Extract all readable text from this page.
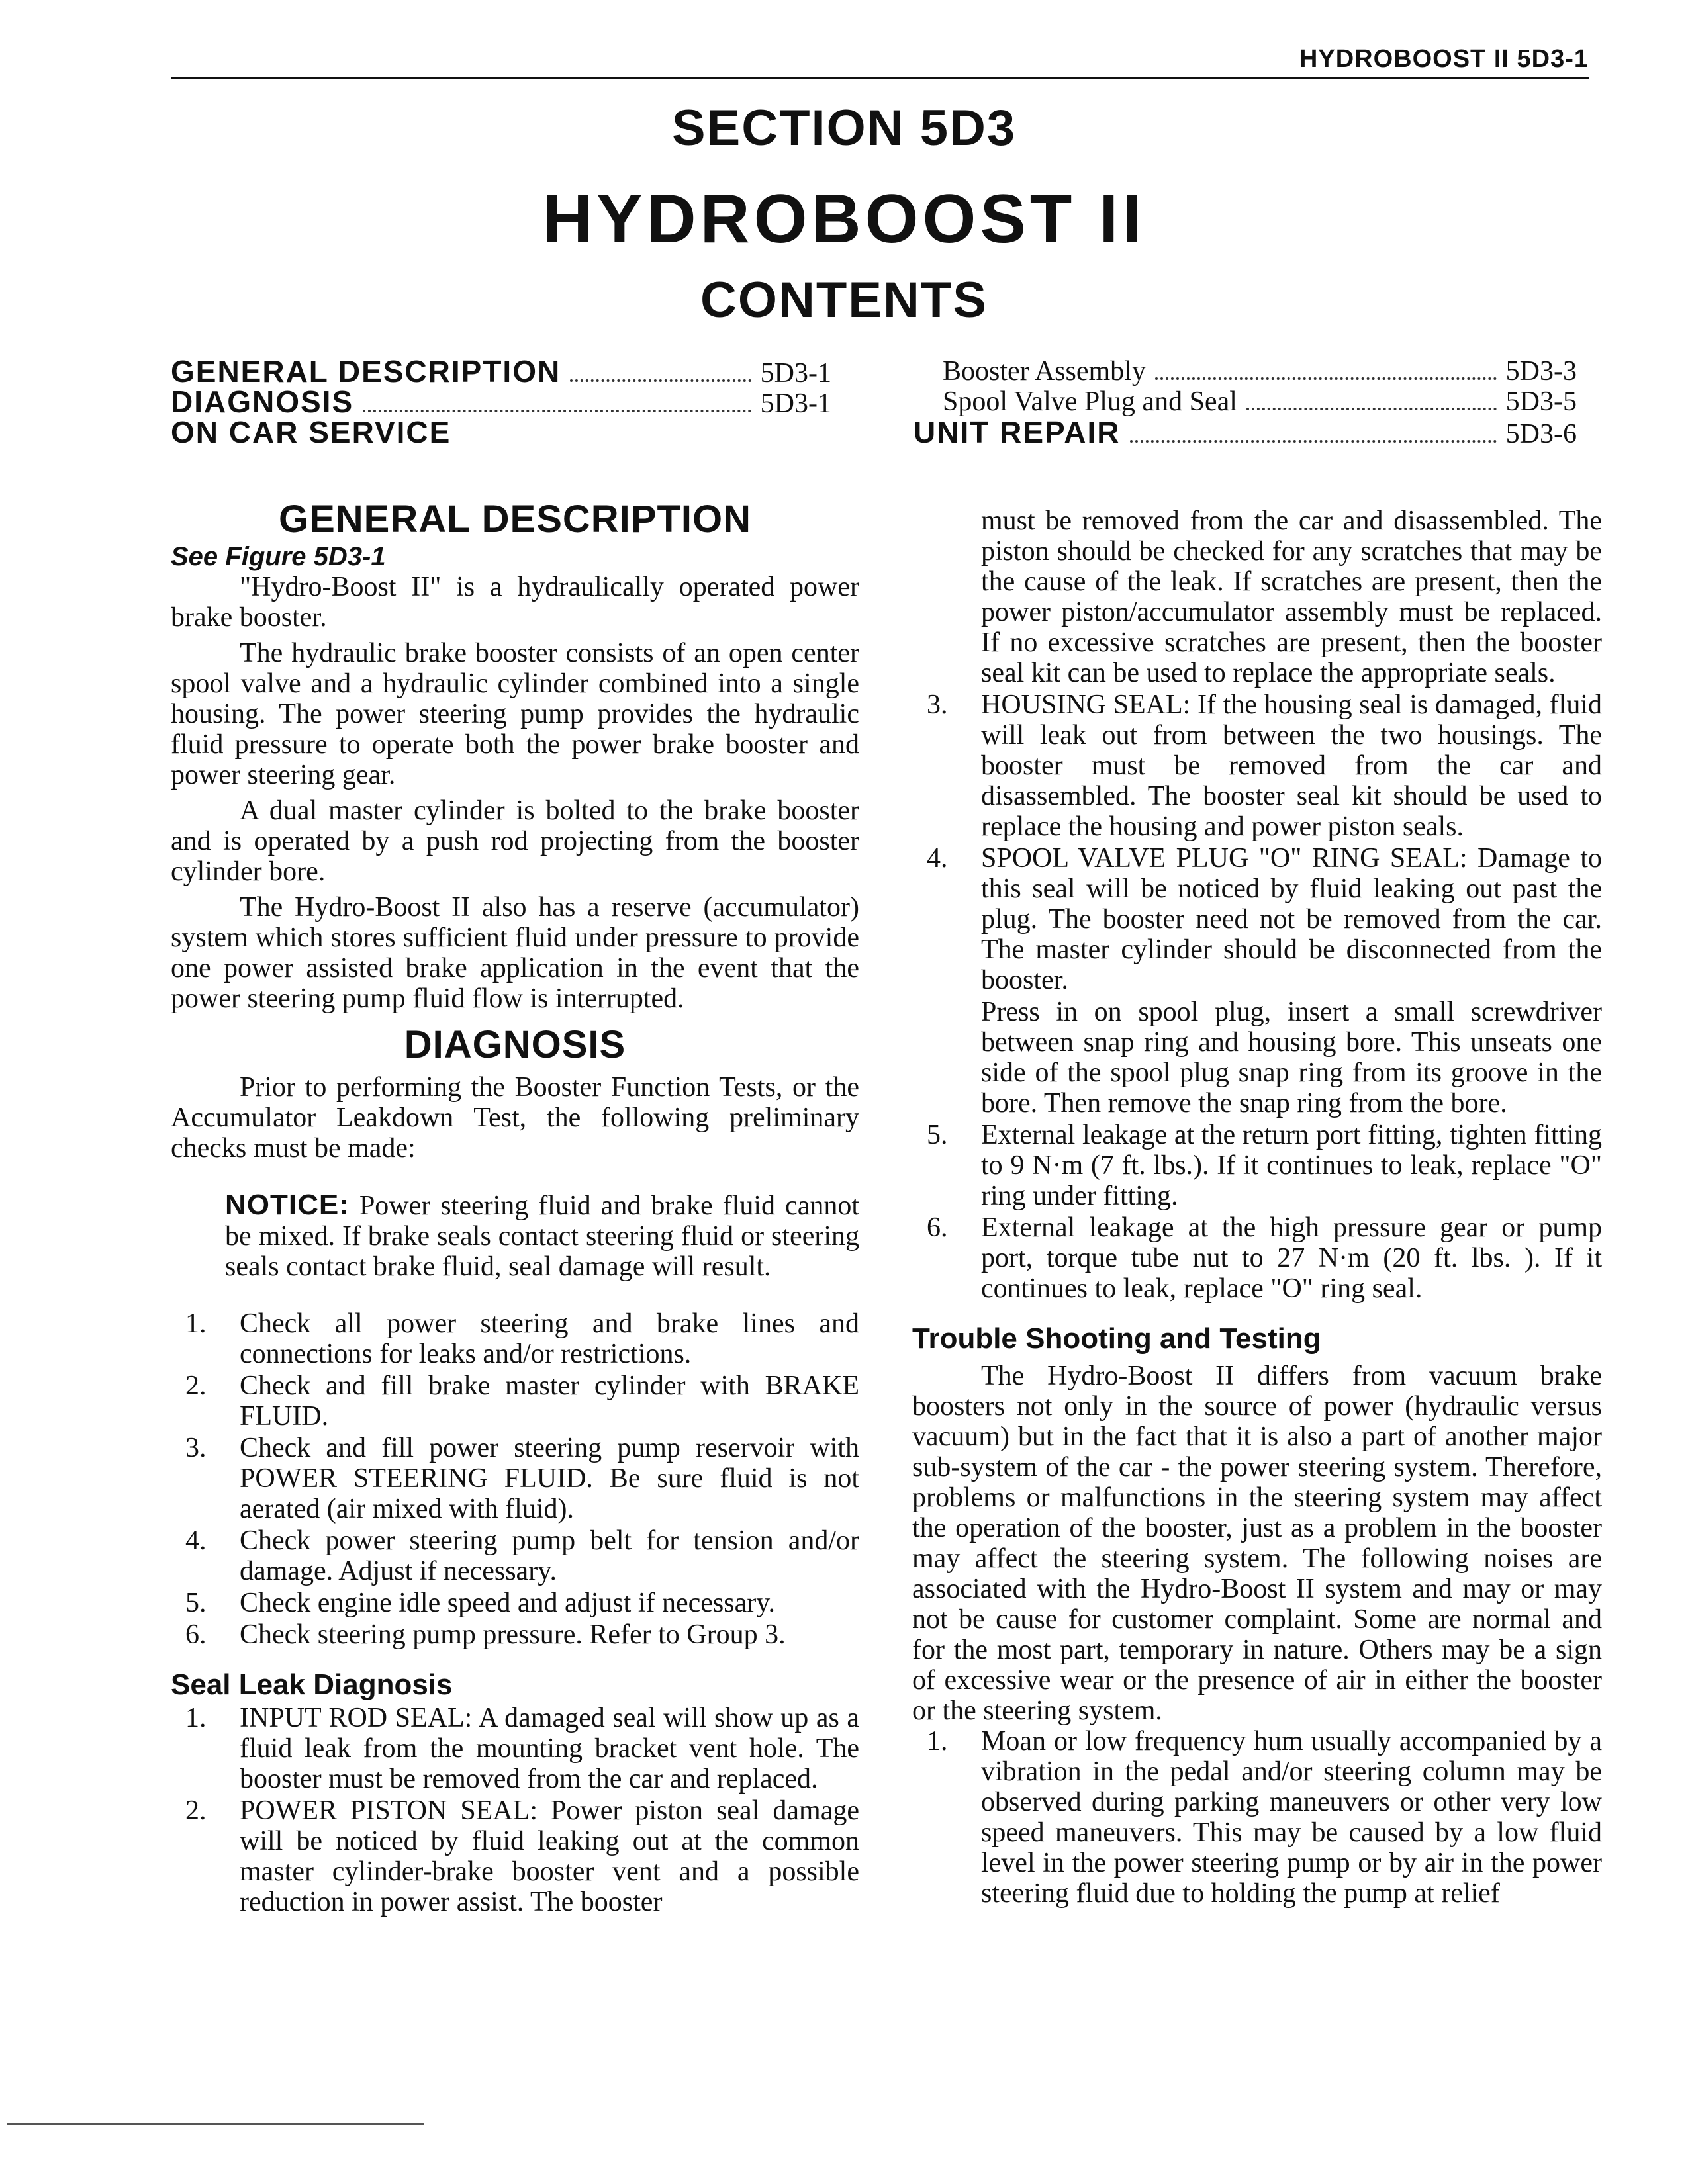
HYDROBOOST II 5D3-1
SECTION 5D3
HYDROBOOST II
CONTENTS
GENERAL DESCRIPTION	5D3-1
DIAGNOSIS	5D3-1
ON CAR SERVICE
Booster Assembly	5D3-3
Spool Valve Plug and Seal	5D3-5
UNIT REPAIR	5D3-6
GENERAL DESCRIPTION

See Figure 5D3-1

"Hydro-Boost II" is a hydraulically operated power brake booster.

The hydraulic brake booster consists of an open center spool valve and a hydraulic cylinder combined into a single housing. The power steering pump provides the hydraulic fluid pressure to operate both the power brake booster and power steering gear.

A dual master cylinder is bolted to the brake booster and is operated by a push rod projecting from the booster cylinder bore.

The Hydro-Boost II also has a reserve (accumulator) system which stores sufficient fluid under pressure to provide one power assisted brake application in the event that the power steering pump fluid flow is interrupted.

DIAGNOSIS

Prior to performing the Booster Function Tests, or the Accumulator Leakdown Test, the following preliminary checks must be made:

NOTICE: Power steering fluid and brake fluid cannot be mixed. If brake seals contact steering fluid or steering seals contact brake fluid, seal damage will result.
1. Check all power steering and brake lines and connections for leaks and/or restrictions.
2. Check and fill brake master cylinder with BRAKE FLUID.
3. Check and fill power steering pump reservoir with POWER STEERING FLUID. Be sure fluid is not aerated (air mixed with fluid).
4. Check power steering pump belt for tension and/or damage. Adjust if necessary.
5. Check engine idle speed and adjust if necessary.
6. Check steering pump pressure. Refer to Group 3.
Seal Leak Diagnosis
1. INPUT ROD SEAL: A damaged seal will show up as a fluid leak from the mounting bracket vent hole. The booster must be removed from the car and replaced.
2. POWER PISTON SEAL: Power piston seal damage will be noticed by fluid leaking out at the common master cylinder-brake booster vent and a possible reduction in power assist. The booster
must be removed from the car and disassembled. The piston should be checked for any scratches that may be the cause of the leak. If scratches are present, then the power piston/accumulator assembly must be replaced. If no excessive scratches are present, then the booster seal kit can be used to replace the appropriate seals.
3. HOUSING SEAL: If the housing seal is damaged, fluid will leak out from between the two housings. The booster must be removed from the car and disassembled. The booster seal kit should be used to replace the housing and power piston seals.
4. SPOOL VALVE PLUG "O" RING SEAL: Damage to this seal will be noticed by fluid leaking out past the plug. The booster need not be removed from the car. The master cylinder should be disconnected from the booster.
Press in on spool plug, insert a small screwdriver between snap ring and housing bore. This unseats one side of the spool plug snap ring from its groove in the bore. Then remove the snap ring from the bore.
5. External leakage at the return port fitting, tighten fitting to 9 N·m (7 ft. lbs.). If it continues to leak, replace "O" ring under fitting.
6. External leakage at the high pressure gear or pump port, torque tube nut to 27 N·m (20 ft. lbs. ). If it continues to leak, replace "O" ring seal.
Trouble Shooting and Testing

The Hydro-Boost II differs from vacuum brake boosters not only in the source of power (hydraulic versus vacuum) but in the fact that it is also a part of another major sub-system of the car - the power steering system. Therefore, problems or malfunctions in the steering system may affect the operation of the booster, just as a problem in the booster may affect the steering system. The following noises are associated with the Hydro-Boost II system and may or may not be cause for customer complaint. Some are normal and for the most part, temporary in nature. Others may be a sign of excessive wear or the presence of air in either the booster or the steering system.

1. Moan or low frequency hum usually accompanied by a vibration in the pedal and/or steering column may be observed during parking maneuvers or other very low speed maneuvers. This may be caused by a low fluid level in the power steering pump or by air in the power steering fluid due to holding the pump at relief
